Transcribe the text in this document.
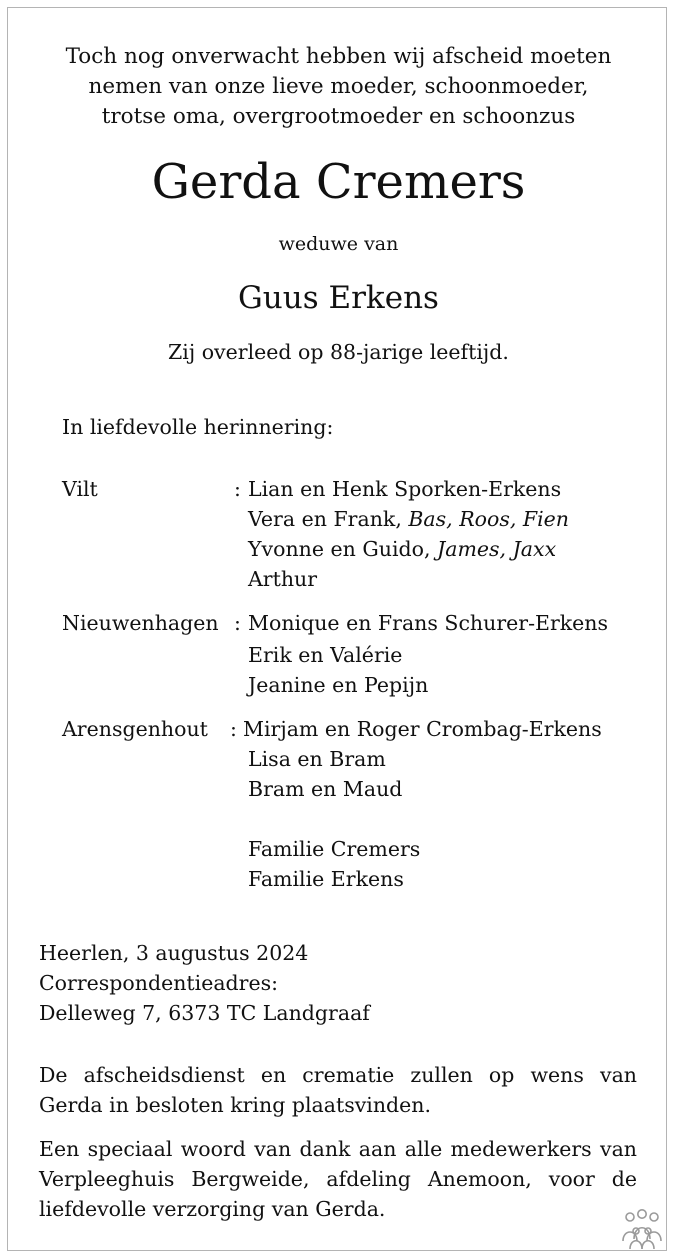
Toch nog onverwacht hebben wij afscheid moeten
nemen van onze lieve moeder, schoonmoeder,
trotse oma, overgrootmoeder en schoonzus
Gerda Cremers
weduwe van
Guus Erkens
Zij overleed op 88-jarige leeftijd.
In liefdevolle herinnering:
Vilt	: Lian en Henk Sporken-Erkens
Vera en Frank, Bas, Roos, Fien
Yvonne en Guido, James, Jaxx
Arthur
Nieuwenhagen : Monique en Frans Schurer-Erkens
Erik en Valérie
Jeanine en Pepijn
Arensgenhout : Mirjam en Roger Crombag-Erkens
Lisa en Bram
Bram en Maud
Familie Cremers
Familie Erkens
Heerlen, 3 augustus 2024
Correspondentieadres:
Delleweg 7, 6373 TC Landgraaf
De afscheidsdienst en crematie zullen op wens van Gerda in besloten kring plaatsvinden.
Een speciaal woord van dank aan alle medewerkers van Verpleeghuis Bergweide, afdeling Anemoon, voor de liefdevolle verzorging van Gerda.
